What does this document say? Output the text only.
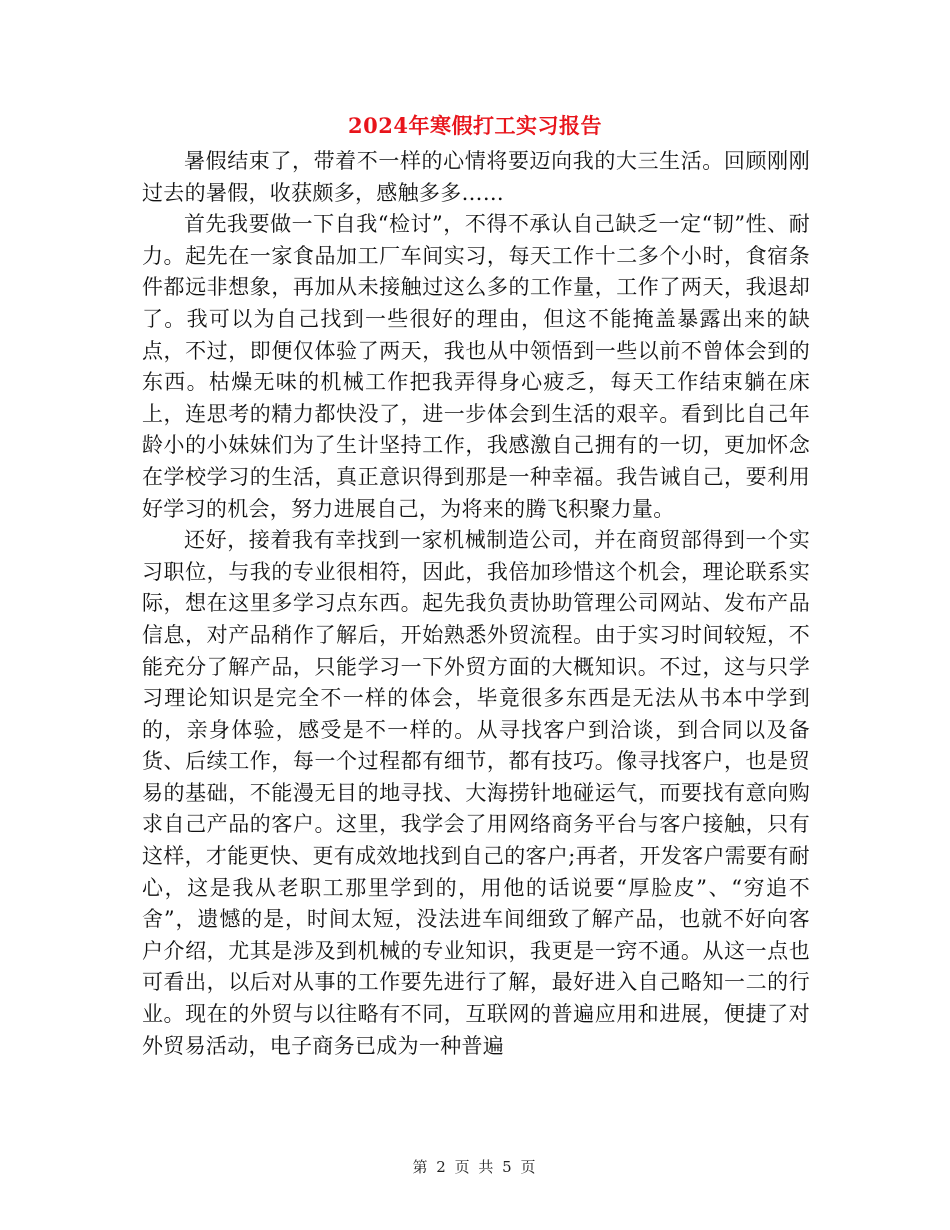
2024年寒假打工实习报告

暑假结束了，带着不一样的心情将要迈向我的大三生活。回顾刚刚过去的暑假，收获颇多，感触多多……

首先我要做一下自我“检讨”，不得不承认自己缺乏一定“韧”性、耐力。起先在一家食品加工厂车间实习，每天工作十二多个小时，食宿条件都远非想象，再加从未接触过这么多的工作量，工作了两天，我退却了。我可以为自己找到一些很好的理由，但这不能掩盖暴露出来的缺点，不过，即便仅体验了两天，我也从中领悟到一些以前不曾体会到的东西。枯燥无味的机械工作把我弄得身心疲乏，每天工作结束躺在床上，连思考的精力都快没了，进一步体会到生活的艰辛。看到比自己年龄小的小妹妹们为了生计坚持工作，我感激自己拥有的一切，更加怀念在学校学习的生活，真正意识得到那是一种幸福。我告诫自己，要利用好学习的机会，努力进展自己，为将来的腾飞积聚力量。

还好，接着我有幸找到一家机械制造公司，并在商贸部得到一个实习职位，与我的专业很相符，因此，我倍加珍惜这个机会，理论联系实际，想在这里多学习点东西。起先我负责协助管理公司网站、发布产品信息，对产品稍作了解后，开始熟悉外贸流程。由于实习时间较短，不能充分了解产品，只能学习一下外贸方面的大概知识。不过，这与只学习理论知识是完全不一样的体会，毕竟很多东西是无法从书本中学到的，亲身体验，感受是不一样的。从寻找客户到洽谈，到合同以及备货、后续工作，每一个过程都有细节，都有技巧。像寻找客户，也是贸易的基础，不能漫无目的地寻找、大海捞针地碰运气，而要找有意向购求自己产品的客户。这里，我学会了用网络商务平台与客户接触，只有这样，才能更快、更有成效地找到自己的客户;再者，开发客户需要有耐心，这是我从老职工那里学到的，用他的话说要“厚脸皮”、“穷追不舍”，遗憾的是，时间太短，没法进车间细致了解产品，也就不好向客户介绍，尤其是涉及到机械的专业知识，我更是一窍不通。从这一点也可看出，以后对从事的工作要先进行了解，最好进入自己略知一二的行业。现在的外贸与以往略有不同，互联网的普遍应用和进展，便捷了对外贸易活动，电子商务已成为一种普遍

第 2 页 共 5 页
